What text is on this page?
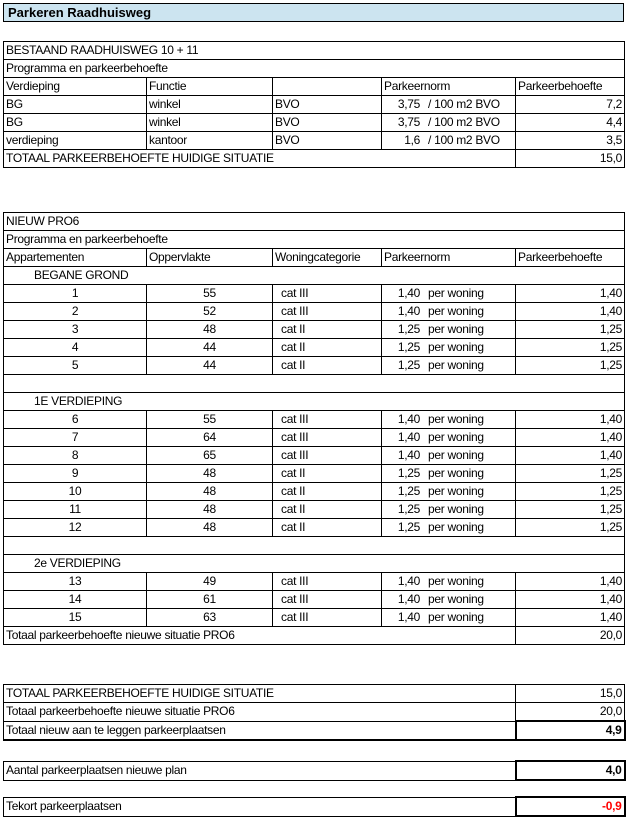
Parkeren Raadhuisweg
BESTAAND RAADHUISWEG 10 + 11				
Programma en parkeerbehoefte				
Verdieping	Functie		Parkeernorm	Parkeerbehoefte
BG	winkel	BVO	3,75 / 100 m2 BVO	7,2
BG	winkel	BVO	3,75 / 100 m2 BVO	4,4
verdieping	kantoor	BVO	1,6 / 100 m2 BVO	3,5
TOTAAL PARKEERBEHOEFTE HUIDIGE SITUATIE				15,0
NIEUW PRO6				
Programma en parkeerbehoefte				
Appartementen	Oppervlakte	Woningcategorie	Parkeernorm	Parkeerbehoefte
BEGANE GROND				
1	55	cat III	1,40 per woning	1,40
2	52	cat III	1,40 per woning	1,40
3	48	cat II	1,25 per woning	1,25
4	44	cat II	1,25 per woning	1,25
5	44	cat II	1,25 per woning	1,25

1E VERDIEPING				
6	55	cat III	1,40 per woning	1,40
7	64	cat III	1,40 per woning	1,40
8	65	cat III	1,40 per woning	1,40
9	48	cat II	1,25 per woning	1,25
10	48	cat II	1,25 per woning	1,25
11	48	cat II	1,25 per woning	1,25
12	48	cat II	1,25 per woning	1,25

2e VERDIEPING				
13	49	cat III	1,40 per woning	1,40
14	61	cat III	1,40 per woning	1,40
15	63	cat III	1,40 per woning	1,40
Totaal parkeerbehoefte nieuwe situatie PRO6				20,0
TOTAAL PARKEERBEHOEFTE HUIDIGE SITUATIE	15,0
Totaal parkeerbehoefte nieuwe situatie PRO6	20,0
Totaal nieuw aan te leggen parkeerplaatsen	4,9
Aantal parkeerplaatsen nieuwe plan	4,0
Tekort parkeerplaatsen	-0,9
